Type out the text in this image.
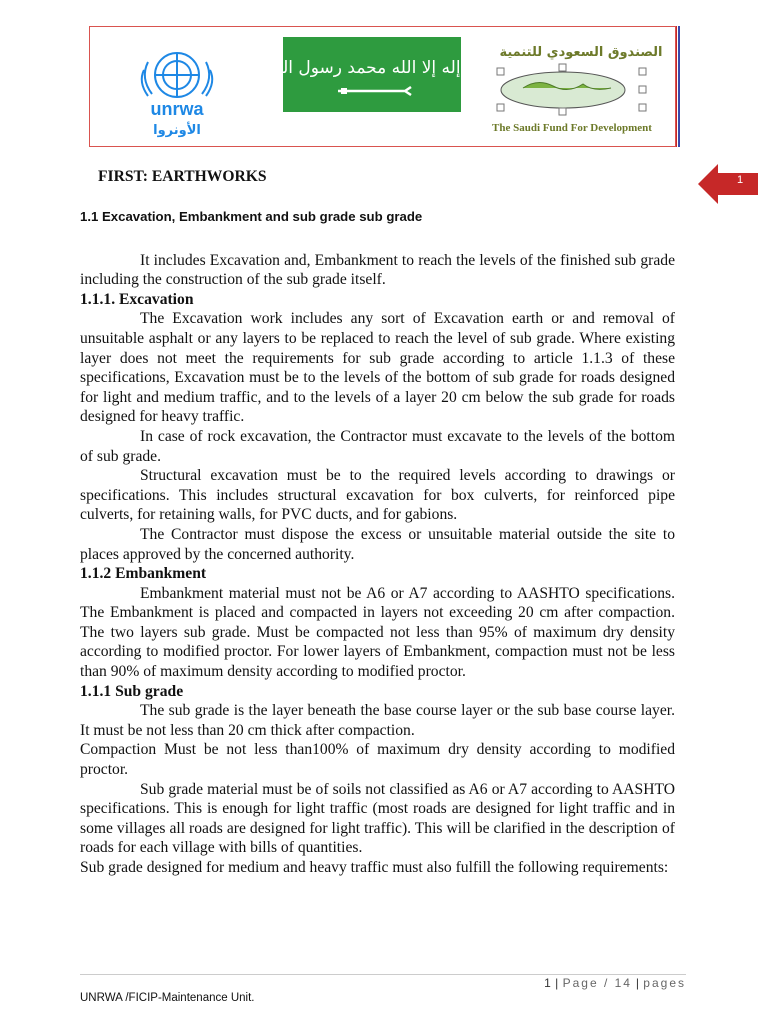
unrwa
الأونروا
لا إله إلا الله محمد رسول الله
الصندوق السعودي للتنمية
The Saudi Fund For Development
1
FIRST: EARTHWORKS
1.1 Excavation, Embankment and sub grade sub grade

It includes Excavation and, Embankment to reach the levels of the finished sub grade including the construction of the sub grade itself.

1.1.1. Excavation

The Excavation work includes any sort of Excavation earth or and removal of unsuitable asphalt or any layers to be replaced to reach the level of sub grade. Where existing layer does not meet the requirements for sub grade according to article 1.1.3 of these specifications, Excavation must be to the levels of the bottom of sub grade for roads designed for light and medium traffic, and to the levels of a layer 20 cm below the sub grade for roads designed for heavy traffic.

In case of rock excavation, the Contractor must excavate to the levels of the bottom of sub grade.

Structural excavation must be to the required levels according to drawings or specifications. This includes structural excavation for box culverts, for reinforced pipe culverts, for retaining walls, for PVC ducts, and for gabions.

The Contractor must dispose the excess or unsuitable material outside the site to places approved by the concerned authority.

1.1.2 Embankment

Embankment material must not be A6 or A7 according to AASHTO specifications. The Embankment is placed and compacted in layers not exceeding 20 cm after compaction. The two layers sub grade. Must be compacted not less than 95% of maximum dry density according to modified proctor. For lower layers of Embankment, compaction must not be less than 90% of maximum density according to modified proctor.

1.1.1 Sub grade

The sub grade is the layer beneath the base course layer or the sub base course layer. It must be not less than 20 cm thick after compaction.

Compaction Must be not less than100% of maximum dry density according to modified proctor.

Sub grade material must be of soils not classified as A6 or A7 according to AASHTO specifications. This is enough for light traffic (most roads are designed for light traffic and in some villages all roads are designed for light traffic). This will be clarified in the description of roads for each village with bills of quantities.

Sub grade designed for medium and heavy traffic must also fulfill the following requirements:

1 | Page / 14 | pages
UNRWA /FICIP-Maintenance Unit.
